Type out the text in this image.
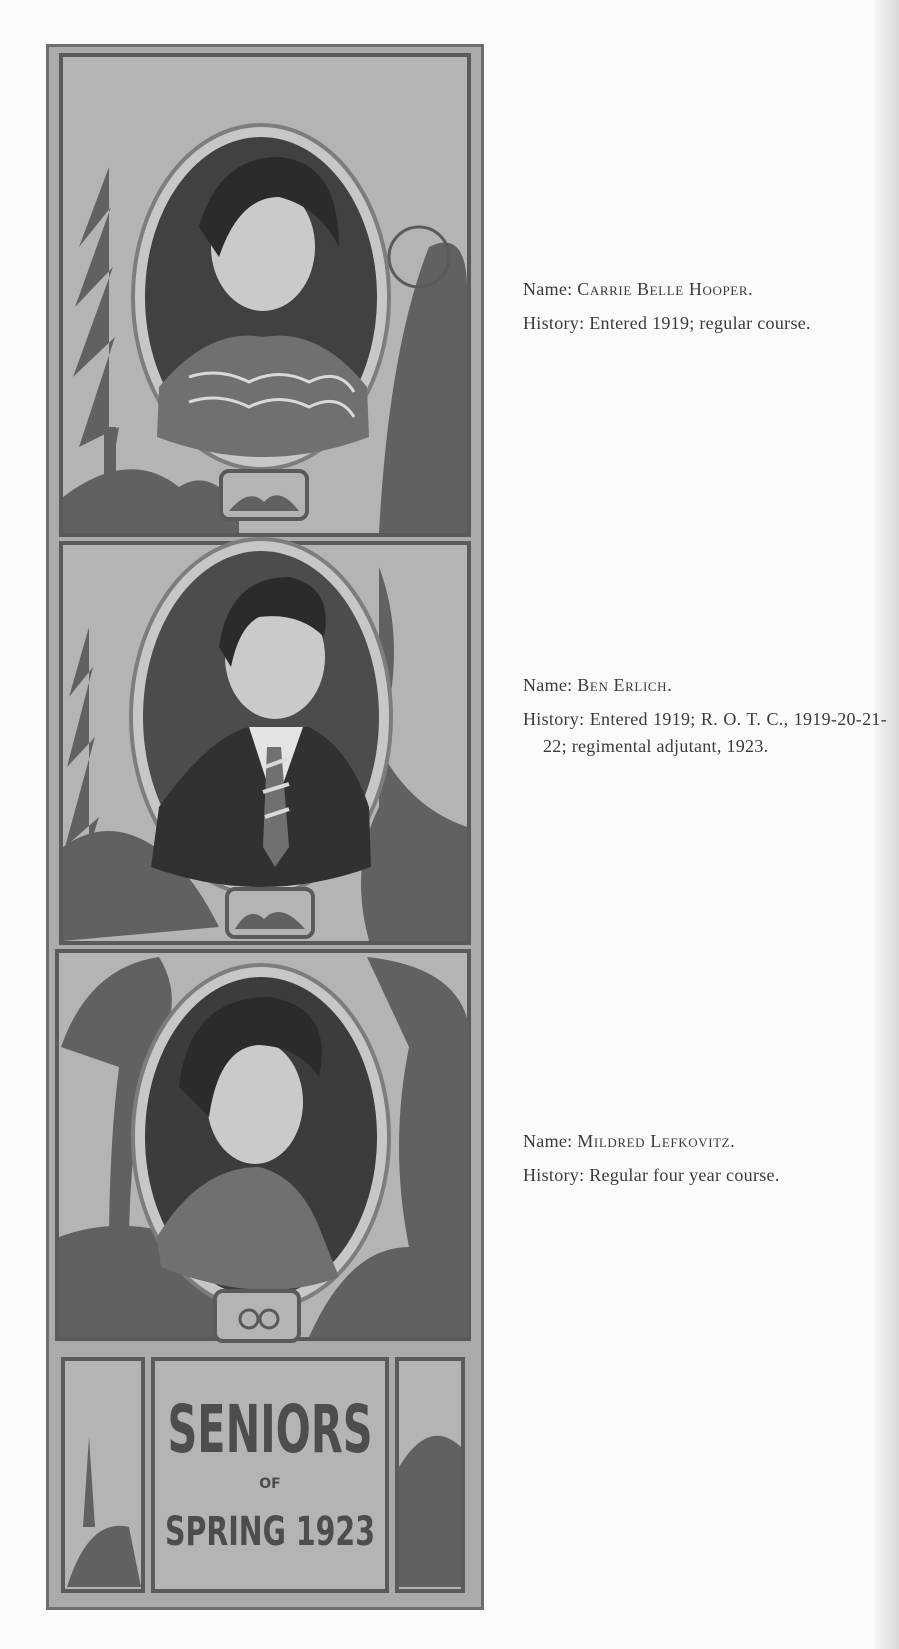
SENIORS
OF
SPRING 1923
Name: Carrie Belle Hooper.
History: Entered 1919; regular course.
Name: Ben Erlich.
History: Entered 1919; R. O. T. C., 1919-20-21-22; regimental adjutant, 1923.
Name: Mildred Lefkovitz.
History: Regular four year course.
